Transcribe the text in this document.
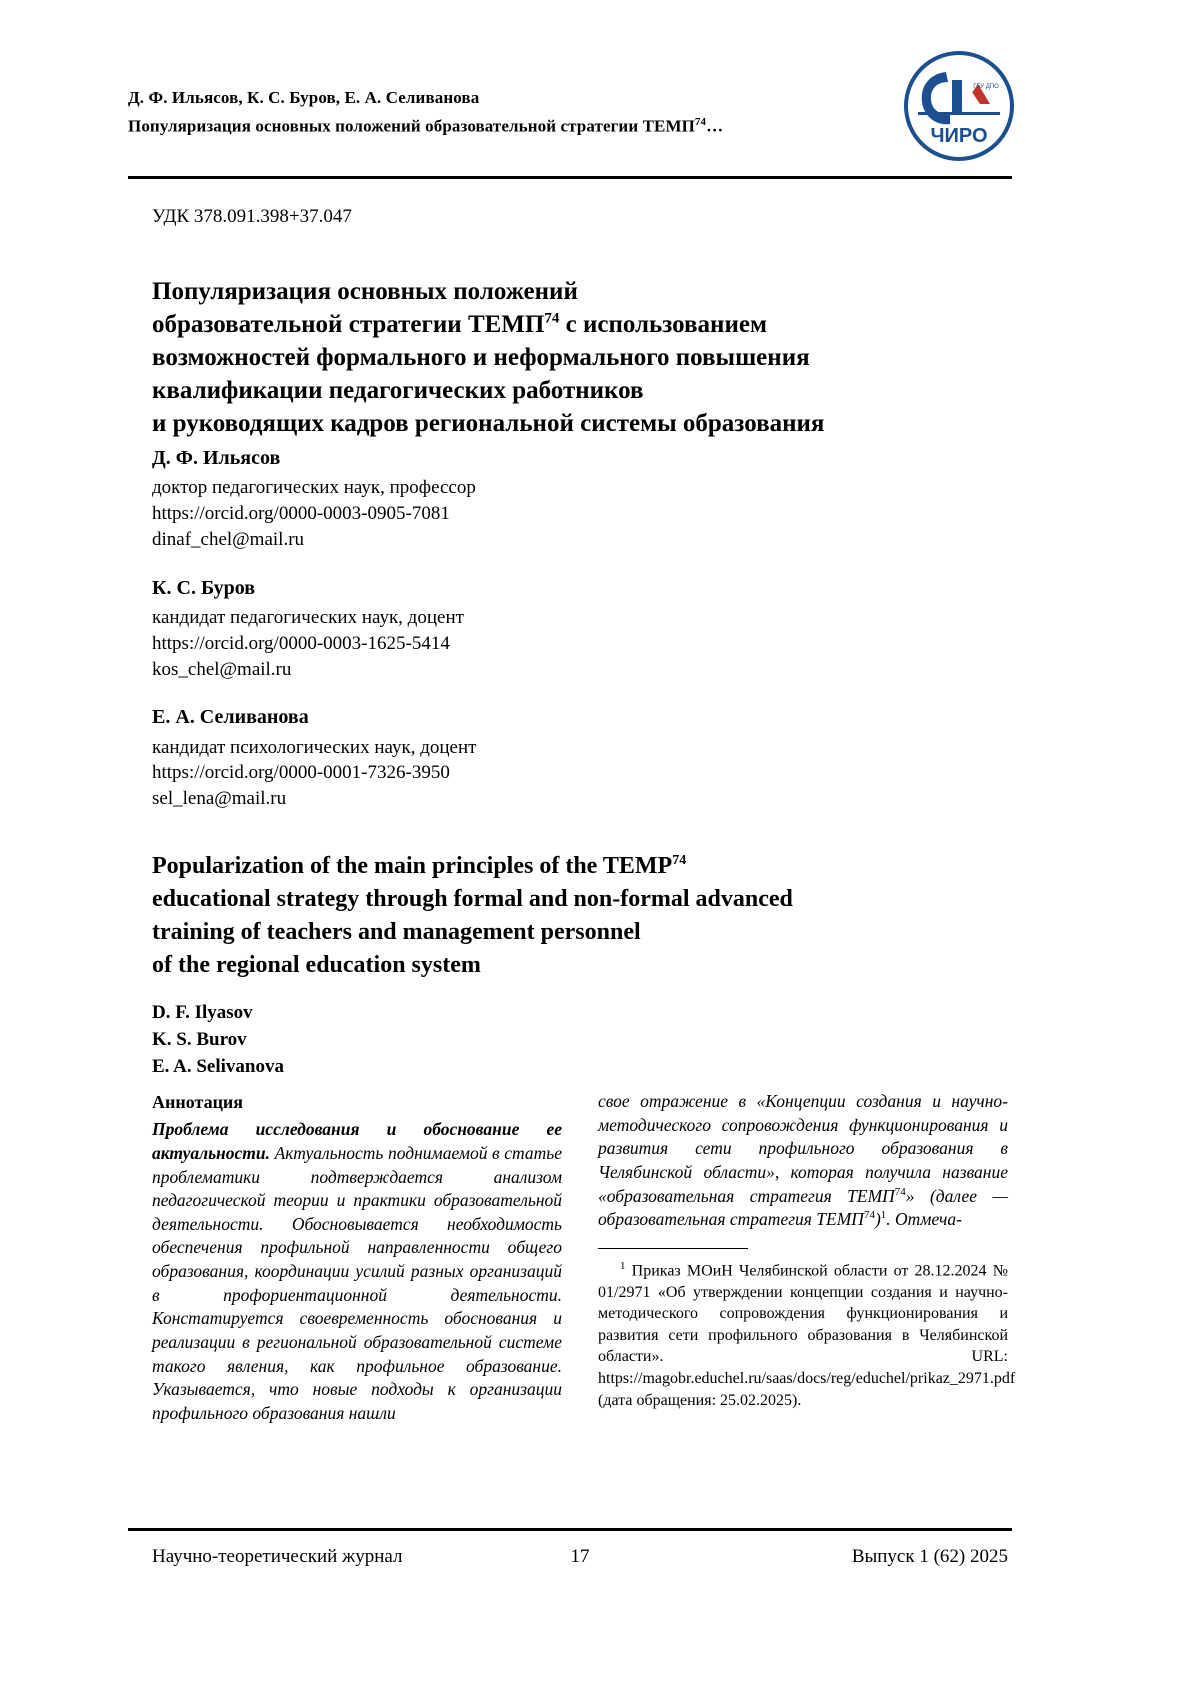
Д. Ф. Ильясов, К. С. Буров, Е. А. Селиванова
Популяризация основных положений образовательной стратегии ТЕМП$^{74}$…	ЧИРО
ГБУ ДПО
УДК 378.091.398+37.047
Популяризация основных положений
образовательной стратегии ТЕМП$^{74}$ с использованием
возможностей формального и неформального повышения
квалификации педагогических работников
и руководящих кадров региональной системы образования
Д. Ф. Ильясов
доктор педагогических наук, профессор
https://orcid.org/0000-0003-0905-7081
dinaf_chel@mail.ru
К. С. Буров
кандидат педагогических наук, доцент
https://orcid.org/0000-0003-1625-5414
kos_chel@mail.ru
Е. А. Селиванова
кандидат психологических наук, доцент
https://orcid.org/0000-0001-7326-3950
sel_lena@mail.ru
Popularization of the main principles of the TEMP$^{74}$
educational strategy through formal and non-formal advanced
training of teachers and management personnel
of the regional education system
D. F. Ilyasov
K. S. Burov
E. A. Selivanova
Аннотация
Проблема исследования и обоснование ее актуальности. Актуальность поднимаемой в статье проблематики подтверждается анализом педагогической теории и практики образовательной деятельности. Обосновывается необходимость обеспечения профильной направленности общего образования, координации усилий разных организаций в профориентационной деятельности. Констатируется своевременность обоснования и реализации в региональной образовательной системе такого явления, как профильное образование. Указывается, что новые подходы к организации профильного образования нашли

свое отражение в «Концепции создания и научно-методического сопровождения функционирования и развития сети профильного образования в Челябинской области», которая получила название «образовательная стратегия ТЕМП$^{74}$» (далее — образовательная стратегия ТЕМП$^{74}$)$^1$. Отмеча-

$^1$ Приказ МОиН Челябинской области от 28.12.2024 № 01/2971 «Об утверждении концепции создания и научно-методического сопровождения функционирования и развития сети профильного образования в Челябинской области». URL: https://magobr.educhel.ru/saas/docs/reg/educhel/prikaz_2971.pdf (дата обращения: 25.02.2025).
Научно-теоретический журнал	17	Выпуск 1 (62) 2025
